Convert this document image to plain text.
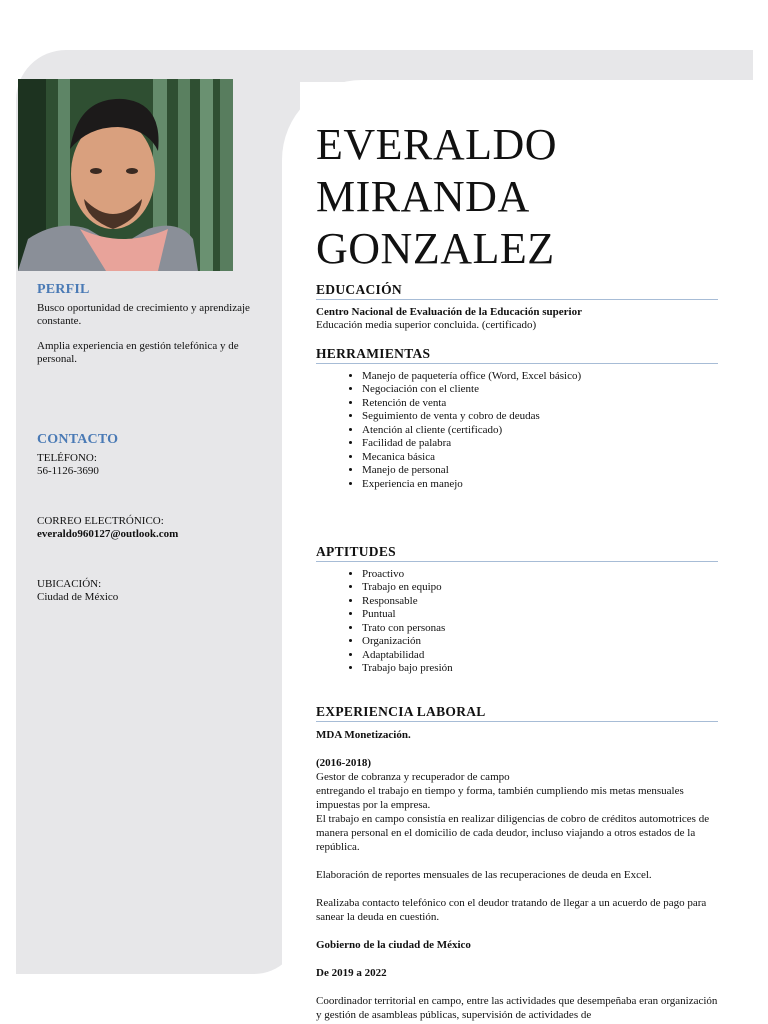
PERFIL

Busco oportunidad de crecimiento y aprendizaje constante.

Amplia experiencia en gestión telefónica y de personal.

CONTACTO
TELÉFONO:
56-1126-3690
CORREO ELECTRÓNICO:
everaldo960127@outlook.com
UBICACIÓN:
Ciudad de México
EVERALDO
MIRANDA
GONZALEZ
EDUCACIÓN

Centro Nacional de Evaluación de la Educación superior

Educación media superior concluida. (certificado)

HERRAMIENTAS
• Manejo de paquetería office (Word, Excel básico)
• Negociación con el cliente
• Retención de venta
• Seguimiento de venta y cobro de deudas
• Atención al cliente (certificado)
• Facilidad de palabra
• Mecanica básica
• Manejo de personal
• Experiencia en manejo
APTITUDES
• Proactivo
• Trabajo en equipo
• Responsable
• Puntual
• Trato con personas
• Organización
• Adaptabilidad
• Trabajo bajo presión
EXPERIENCIA LABORAL

MDA Monetización.

(2016-2018)

Gestor de cobranza y recuperador de campo

entregando el trabajo en tiempo y forma, también cumpliendo mis metas mensuales impuestas por la empresa.

El trabajo en campo consistía en realizar diligencias de cobro de créditos automotrices de manera personal en el domicilio de cada deudor, incluso viajando a otros estados de la república.

Elaboración de reportes mensuales de las recuperaciones de deuda en Excel.

Realizaba contacto telefónico con el deudor tratando de llegar a un acuerdo de pago para sanear la deuda en cuestión.

Gobierno de la ciudad de México

De 2019 a 2022

Coordinador territorial en campo, entre las actividades que desempeñaba eran organización y gestión de asambleas públicas, supervisión de actividades de
